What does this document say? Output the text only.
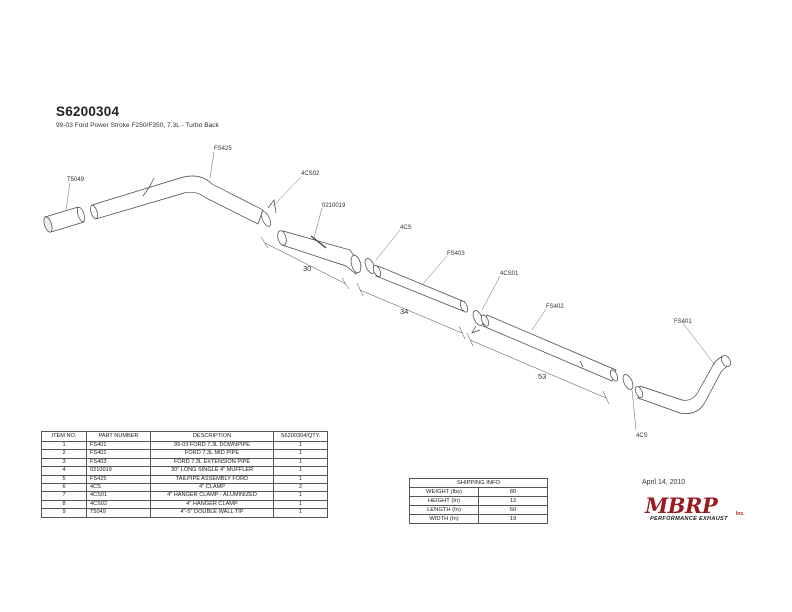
S6200304
99-03 Ford Power Stroke F250/F350, 7.3L - Turbo Back
T5049
FS425
4CS02
0210019
4CS
FS403
4CS01
FS402
FS401
4CS
30
34
53
ITEM NO.	PART NUMBER	DESCRIPTION	S6200304/QTY.
1	FS401	99-03 FORD 7.3L DOWNPIPE	1
2	FS402	FORD 7.3L MID PIPE	1
3	FS403	FORD 7.3L EXTENSION PIPE	1
4	0210019	30" LONG SINGLE 4" MUFFLER	1
5	FS425	TAILPIPE ASSEMBLY FORD	1
6	4CS	4" CLAMP	2
7	4CS01	4" HANGER CLAMP - ALUMINIZED	1
8	4CS02	4" HANGER CLAMP	1
9	T5049	4"-5" DOUBLE WALL TIP	1
SHIPPING INFO	
WEIGHT (lbs)	80
HEIGHT (In)	12
LENGTH (In)	60
WIDTH (In)	19
April 14, 2010
MBRP	Inc.
PERFORMANCE EXHAUST
